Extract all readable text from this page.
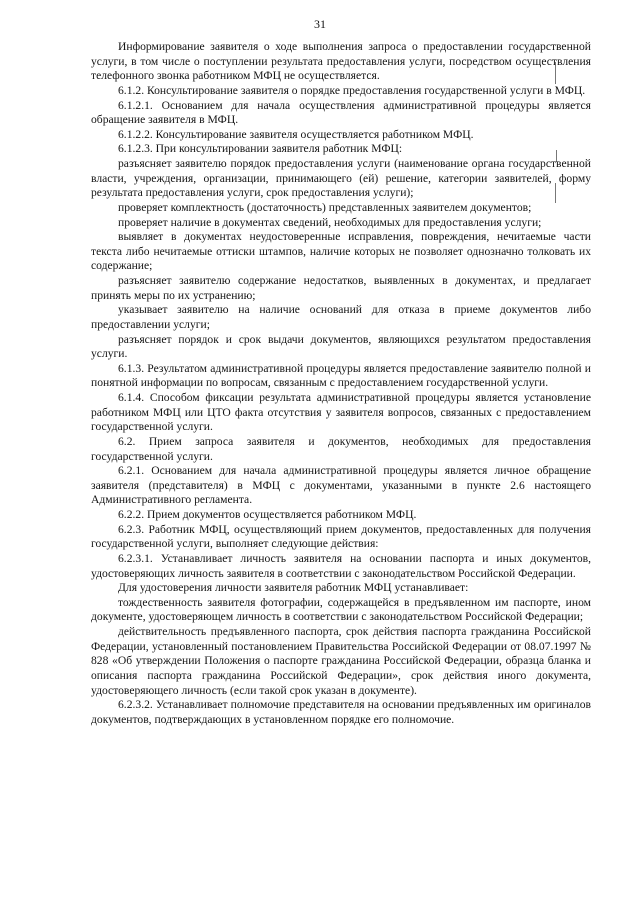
31

Информирование заявителя о ходе выполнения запроса о предоставлении государственной услуги, в том числе о поступлении результата предоставления услуги, посредством осуществления телефонного звонка работником МФЦ не осуществляется.

6.1.2. Консультирование заявителя о порядке предоставления государственной услуги в МФЦ.

6.1.2.1. Основанием для начала осуществления административной процедуры является обращение заявителя в МФЦ.

6.1.2.2. Консультирование заявителя осуществляется работником МФЦ.

6.1.2.3. При консультировании заявителя работник МФЦ:

разъясняет заявителю порядок предоставления услуги (наименование органа государственной власти, учреждения, организации, принимающего (ей) решение, категории заявителей, форму результата предоставления услуги, срок предоставления услуги);

проверяет комплектность (достаточность) представленных заявителем документов;

проверяет наличие в документах сведений, необходимых для предоставления услуги;

выявляет в документах неудостоверенные исправления, повреждения, нечитаемые части текста либо нечитаемые оттиски штампов, наличие которых не позволяет однозначно толковать их содержание;

разъясняет заявителю содержание недостатков, выявленных в документах, и предлагает принять меры по их устранению;

указывает заявителю на наличие оснований для отказа в приеме документов либо предоставлении услуги;

разъясняет порядок и срок выдачи документов, являющихся результатом предоставления услуги.

6.1.3. Результатом административной процедуры является предоставление заявителю полной и понятной информации по вопросам, связанным с предоставлением государственной услуги.

6.1.4. Способом фиксации результата административной процедуры является установление работником МФЦ или ЦТО факта отсутствия у заявителя вопросов, связанных с предоставлением государственной услуги.

6.2. Прием запроса заявителя и документов, необходимых для предоставления государственной услуги.

6.2.1. Основанием для начала административной процедуры является личное обращение заявителя (представителя) в МФЦ с документами, указанными в пункте 2.6 настоящего Административного регламента.

6.2.2. Прием документов осуществляется работником МФЦ.

6.2.3. Работник МФЦ, осуществляющий прием документов, предоставленных для получения государственной услуги, выполняет следующие действия:

6.2.3.1. Устанавливает личность заявителя на основании паспорта и иных документов, удостоверяющих личность заявителя в соответствии с законодательством Российской Федерации.

Для удостоверения личности заявителя работник МФЦ устанавливает:

тождественность заявителя фотографии, содержащейся в предъявленном им паспорте, ином документе, удостоверяющем личность в соответствии с законодательством Российской Федерации;

действительность предъявленного паспорта, срок действия паспорта гражданина Российской Федерации, установленный постановлением Правительства Российской Федерации от 08.07.1997 № 828 «Об утверждении Положения о паспорте гражданина Российской Федерации, образца бланка и описания паспорта гражданина Российской Федерации», срок действия иного документа, удостоверяющего личность (если такой срок указан в документе).

6.2.3.2. Устанавливает полномочие представителя на основании предъявленных им оригиналов документов, подтверждающих в установленном порядке его полномочие.
